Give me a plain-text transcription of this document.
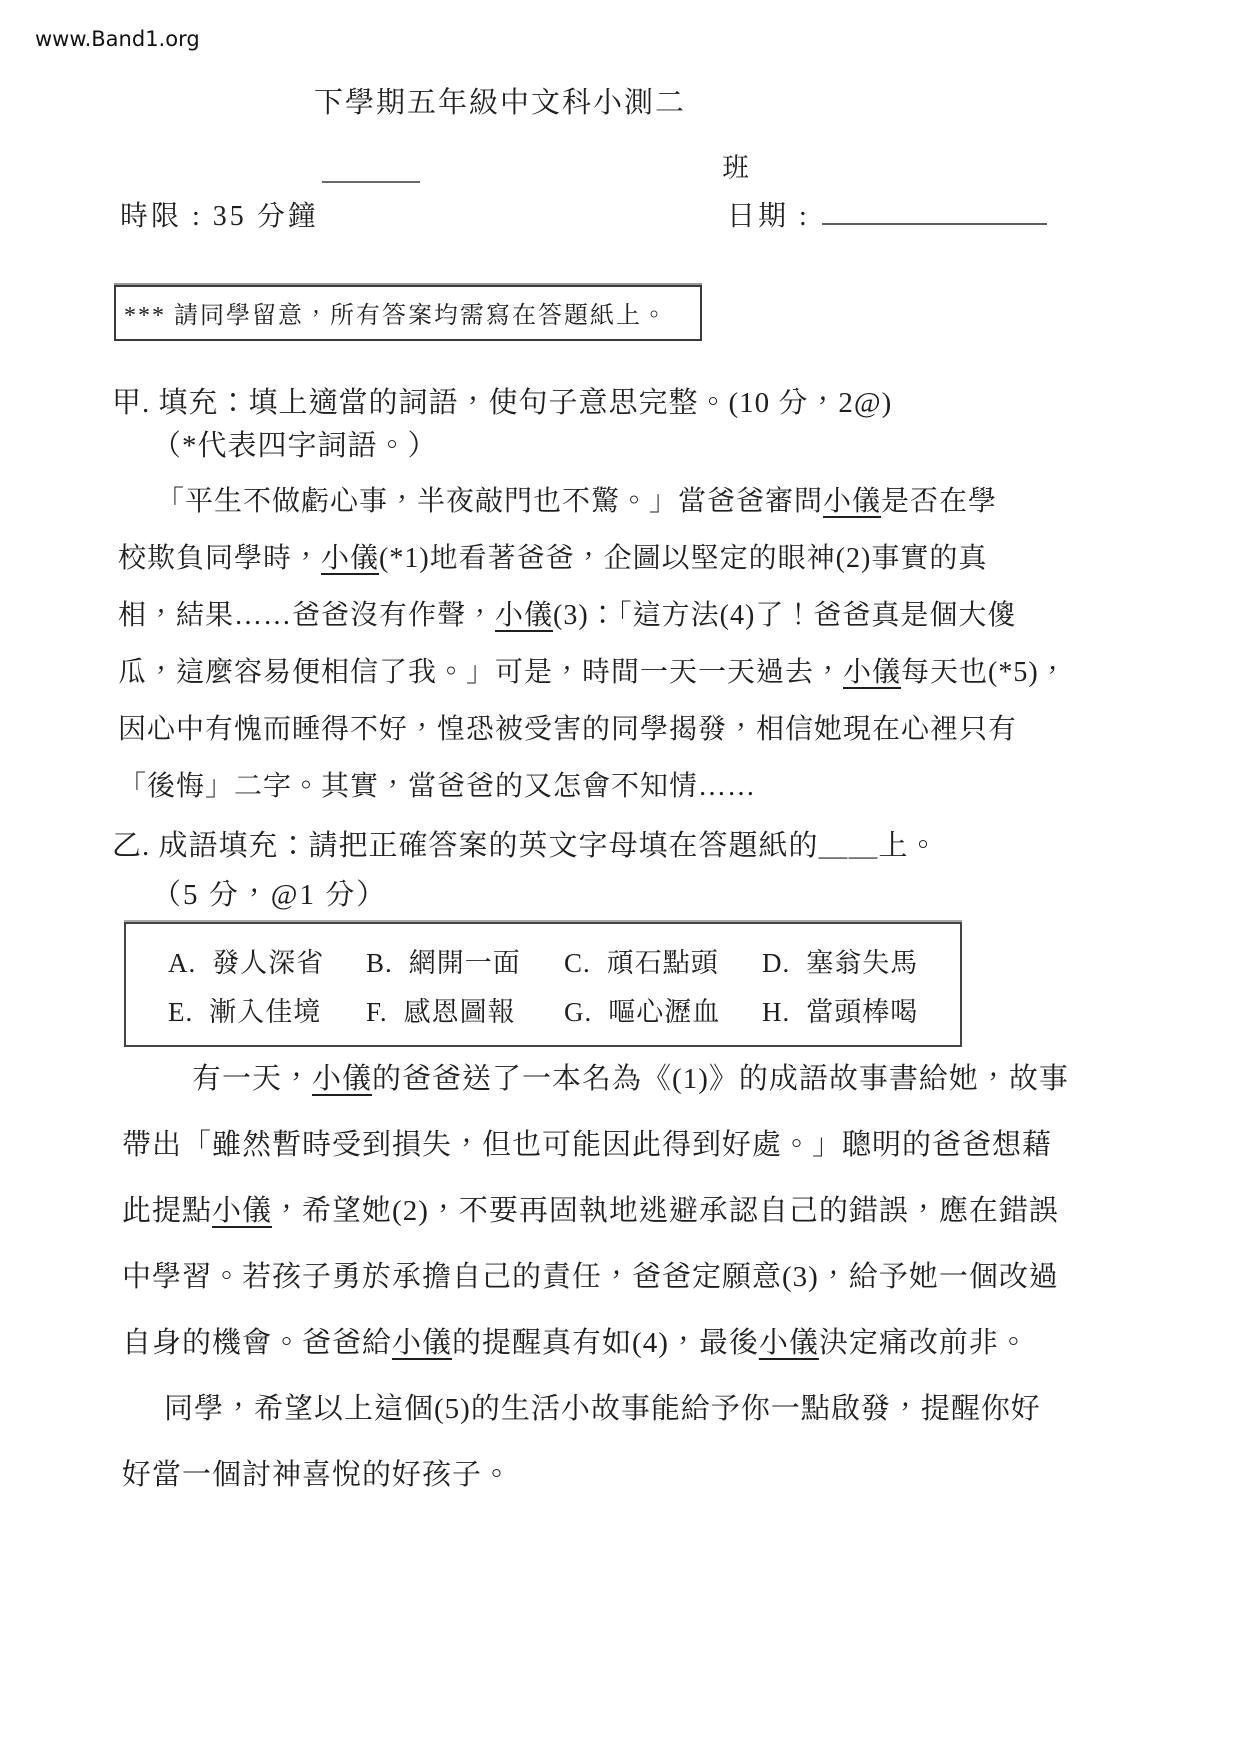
www.Band1.org
下學期五年級中文科小測二
班
時限 : 35 分鐘	日期 :
*** 請同學留意，所有答案均需寫在答題紙上。
甲. 填充：填上適當的詞語，使句子意思完整。(10 分，2@)
（*代表四字詞語。）
「平生不做虧心事，半夜敲門也不驚。」當爸爸審問小儀是否在學
校欺負同學時，小儀(*1)地看著爸爸，企圖以堅定的眼神(2)事實的真
相，結果……爸爸沒有作聲，小儀(3)：「這方法(4)了！爸爸真是個大傻
瓜，這麼容易便相信了我。」可是，時間一天一天過去，小儀每天也(*5)，
因心中有愧而睡得不好，惶恐被受害的同學揭發，相信她現在心裡只有
「後悔」二字。其實，當爸爸的又怎會不知情……
乙. 成語填充：請把正確答案的英文字母填在答題紙的＿＿上。
（5 分，@1 分）
A. 發人深省	B. 網開一面	C. 頑石點頭	D. 塞翁失馬
E. 漸入佳境	F. 感恩圖報	G. 嘔心瀝血	H. 當頭棒喝
有一天，小儀的爸爸送了一本名為《(1)》的成語故事書給她，故事
帶出「雖然暫時受到損失，但也可能因此得到好處。」聰明的爸爸想藉
此提點小儀，希望她(2)，不要再固執地逃避承認自己的錯誤，應在錯誤
中學習。若孩子勇於承擔自己的責任，爸爸定願意(3)，給予她一個改過
自身的機會。爸爸給小儀的提醒真有如(4)，最後小儀決定痛改前非。
同學，希望以上這個(5)的生活小故事能給予你一點啟發，提醒你好
好當一個討神喜悅的好孩子。
